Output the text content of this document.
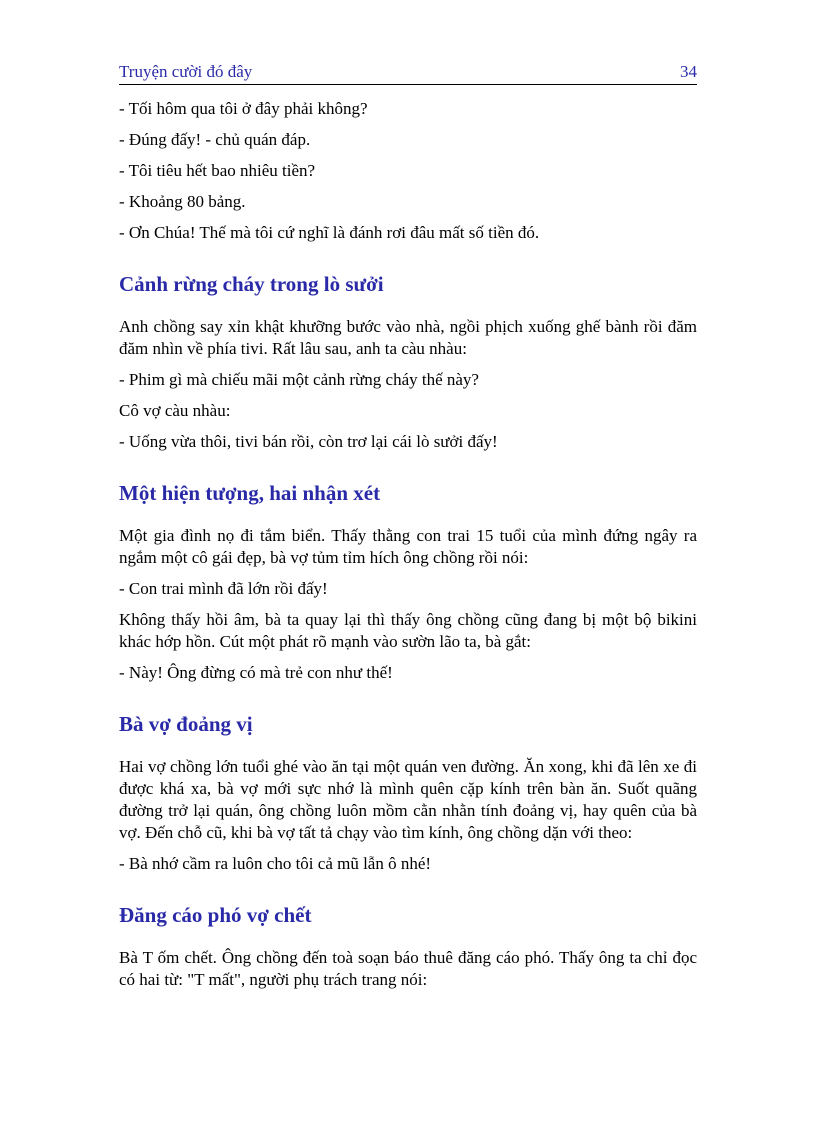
Truyện cười đó đây	34

- Tối hôm qua tôi ở đây phải không?

- Đúng đấy! - chủ quán đáp.

- Tôi tiêu hết bao nhiêu tiền?

- Khoảng 80 bảng.

- Ơn Chúa! Thế mà tôi cứ nghĩ là đánh rơi đâu mất số tiền đó.

Cảnh rừng cháy trong lò sưởi

Anh chồng say xỉn khật khưỡng bước vào nhà, ngồi phịch xuống ghế bành rồi đăm đăm nhìn về phía tivi. Rất lâu sau, anh ta càu nhàu:

- Phim gì mà chiếu mãi một cảnh rừng cháy thế này?

Cô vợ càu nhàu:

- Uống vừa thôi, tivi bán rồi, còn trơ lại cái lò sưởi đấy!

Một hiện tượng, hai nhận xét

Một gia đình nọ đi tắm biển. Thấy thằng con trai 15 tuổi của mình đứng ngây ra ngắm một cô gái đẹp, bà vợ tủm tỉm hích ông chồng rồi nói:

- Con trai mình đã lớn rồi đấy!

Không thấy hồi âm, bà ta quay lại thì thấy ông chồng cũng đang bị một bộ bikini khác hớp hồn. Cút một phát rõ mạnh vào sườn lão ta, bà gắt:

- Này! Ông đừng có mà trẻ con như thế!

Bà vợ đoảng vị

Hai vợ chồng lớn tuổi ghé vào ăn tại một quán ven đường. Ăn xong, khi đã lên xe đi được khá xa, bà vợ mới sực nhớ là mình quên cặp kính trên bàn ăn. Suốt quãng đường trở lại quán, ông chồng luôn mồm cằn nhằn tính đoảng vị, hay quên của bà vợ. Đến chỗ cũ, khi bà vợ tất tả chạy vào tìm kính, ông chồng dặn với theo:

- Bà nhớ cầm ra luôn cho tôi cả mũ lẫn ô nhé!

Đăng cáo phó vợ chết

Bà T ốm chết. Ông chồng đến toà soạn báo thuê đăng cáo phó. Thấy ông ta chỉ đọc có hai từ: "T mất", người phụ trách trang nói:
